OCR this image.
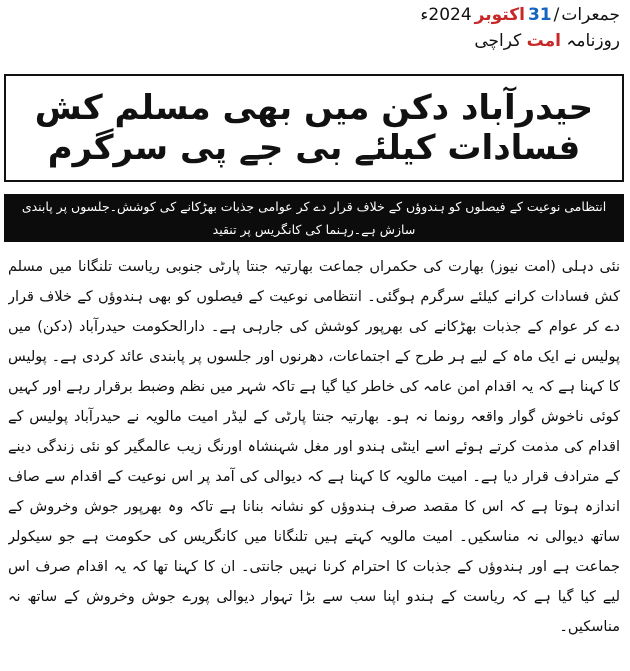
جمعرات/31اکتوبر2024ء
روزنامہ امت کراچی
حیدرآباد دکن میں بھی مسلم کش فسادات کیلئے بی جے پی سرگرم
انتظامی نوعیت کے فیصلوں کو ہندوؤں کے خلاف قرار دے کر عوامی جذبات بھڑکانے کی کوشش۔جلسوں پر پابندی سازش ہے۔رہنما کی کانگریس پر تنقید

نئی دہلی (امت نیوز) بھارت کی حکمراں جماعت بھارتیہ جنتا پارٹی جنوبی ریاست تلنگانا میں مسلم کش فسادات کرانے کیلئے سرگرم ہوگئی۔ انتظامی نوعیت کے فیصلوں کو بھی ہندوؤں کے خلاف قرار دے کر عوام کے جذبات بھڑکانے کی بھرپور کوشش کی جارہی ہے۔ دارالحکومت حیدرآباد (دکن) میں پولیس نے ایک ماہ کے لیے ہر طرح کے اجتماعات، دھرنوں اور جلسوں پر پابندی عائد کردی ہے۔ پولیس کا کہنا ہے کہ یہ اقدام امن عامہ کی خاطر کیا گیا ہے تاکہ شہر میں نظم وضبط برقرار رہے اور کہیں کوئی ناخوش گوار واقعہ رونما نہ ہو۔ بھارتیہ جنتا پارٹی کے لیڈر امیت مالویہ نے حیدرآباد پولیس کے اقدام کی مذمت کرتے ہوئے اسے اینٹی ہندو اور مغل شہنشاہ اورنگ زیب عالمگیر کو نئی زندگی دینے کے مترادف قرار دیا ہے۔ امیت مالویہ کا کہنا ہے کہ دیوالی کی آمد پر اس نوعیت کے اقدام سے صاف اندازہ ہوتا ہے کہ اس کا مقصد صرف ہندوؤں کو نشانہ بنانا ہے تاکہ وہ بھرپور جوش وخروش کے ساتھ دیوالی نہ مناسکیں۔ امیت مالویہ کہتے ہیں تلنگانا میں کانگریس کی حکومت ہے جو سیکولر جماعت ہے اور ہندوؤں کے جذبات کا احترام کرنا نہیں جانتی۔ ان کا کہنا تھا کہ یہ اقدام صرف اس لیے کیا گیا ہے کہ ریاست کے ہندو اپنا سب سے بڑا تہوار دیوالی پورے جوش وخروش کے ساتھ نہ مناسکیں۔
